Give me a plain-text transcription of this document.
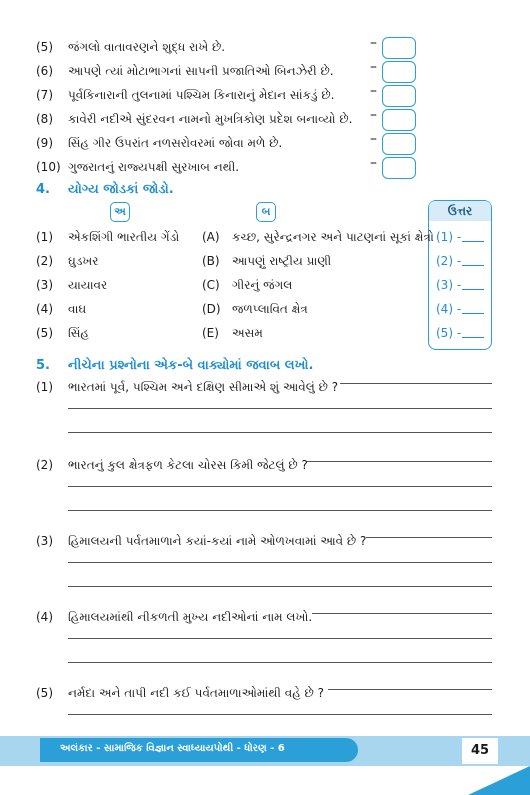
(5) જંગલો વાતાવરણને શુદ્ધ રાખે છે.	–
(6) આપણે ત્યાં મોટાભાગનાં સાપની પ્રજાતિઓ બિનઝેરી છે.	–
(7) પૂર્વકિનારાની તુલનામાં પશ્ચિમ કિનારાનું મેદાન સાંકડું છે.	–
(8) કાવેરી નદીએ સુંદરવન નામનો મુખત્રિકોણ પ્રદેશ બનાવ્યો છે. –
(9) સિંહ ગીર ઉપરાંત નળસરોવરમાં જોવા મળે છે.	–
(10) ગુજરાતનું રાજ્યપક્ષી સુરખાબ નથી.	–
4. યોગ્ય જોડકાં જોડો.
અ	બ	ઉત્તર
(1) એકશિંગી ભારતીય ગેંડો (A) કચ્છ, સુરેન્દ્રનગર અને પાટણનાં સૂકાં ક્ષેત્રો (1) -
(2) ઘુડખર	(B) આપણું રાષ્ટ્રીય પ્રાણી	(2) -
(3) યાયાવર	(C) ગીરનું જંગલ	(3) -
(4) વાઘ	(D) જળપ્લાવિત ક્ષેત્ર	(4) -
(5) સિંહ	(E) અસમ	(5) -
5. નીચેના પ્રશ્નોના એક-બે વાક્યોમાં જવાબ લખો.
(1) ભારતમાં પૂર્વ, પશ્ચિમ અને દક્ષિણ સીમાએ શું આવેલું છે ?
(2) ભારતનું કુલ ક્ષેત્રફળ કેટલા ચોરસ કિમી જેટલું છે ?
(3) હિમાલયની પર્વતમાળાને કયાં-કયાં નામે ઓળખવામાં આવે છે ?
(4) હિમાલયમાંથી નીકળતી મુખ્ય નદીઓનાં નામ લખો.
(5) નર્મદા અને તાપી નદી કઈ પર્વતમાળાઓમાંથી વહે છે ?
અલંકાર - સામાજિક વિજ્ઞાન સ્વાધ્યાયપોથી - ધોરણ - 6	45
